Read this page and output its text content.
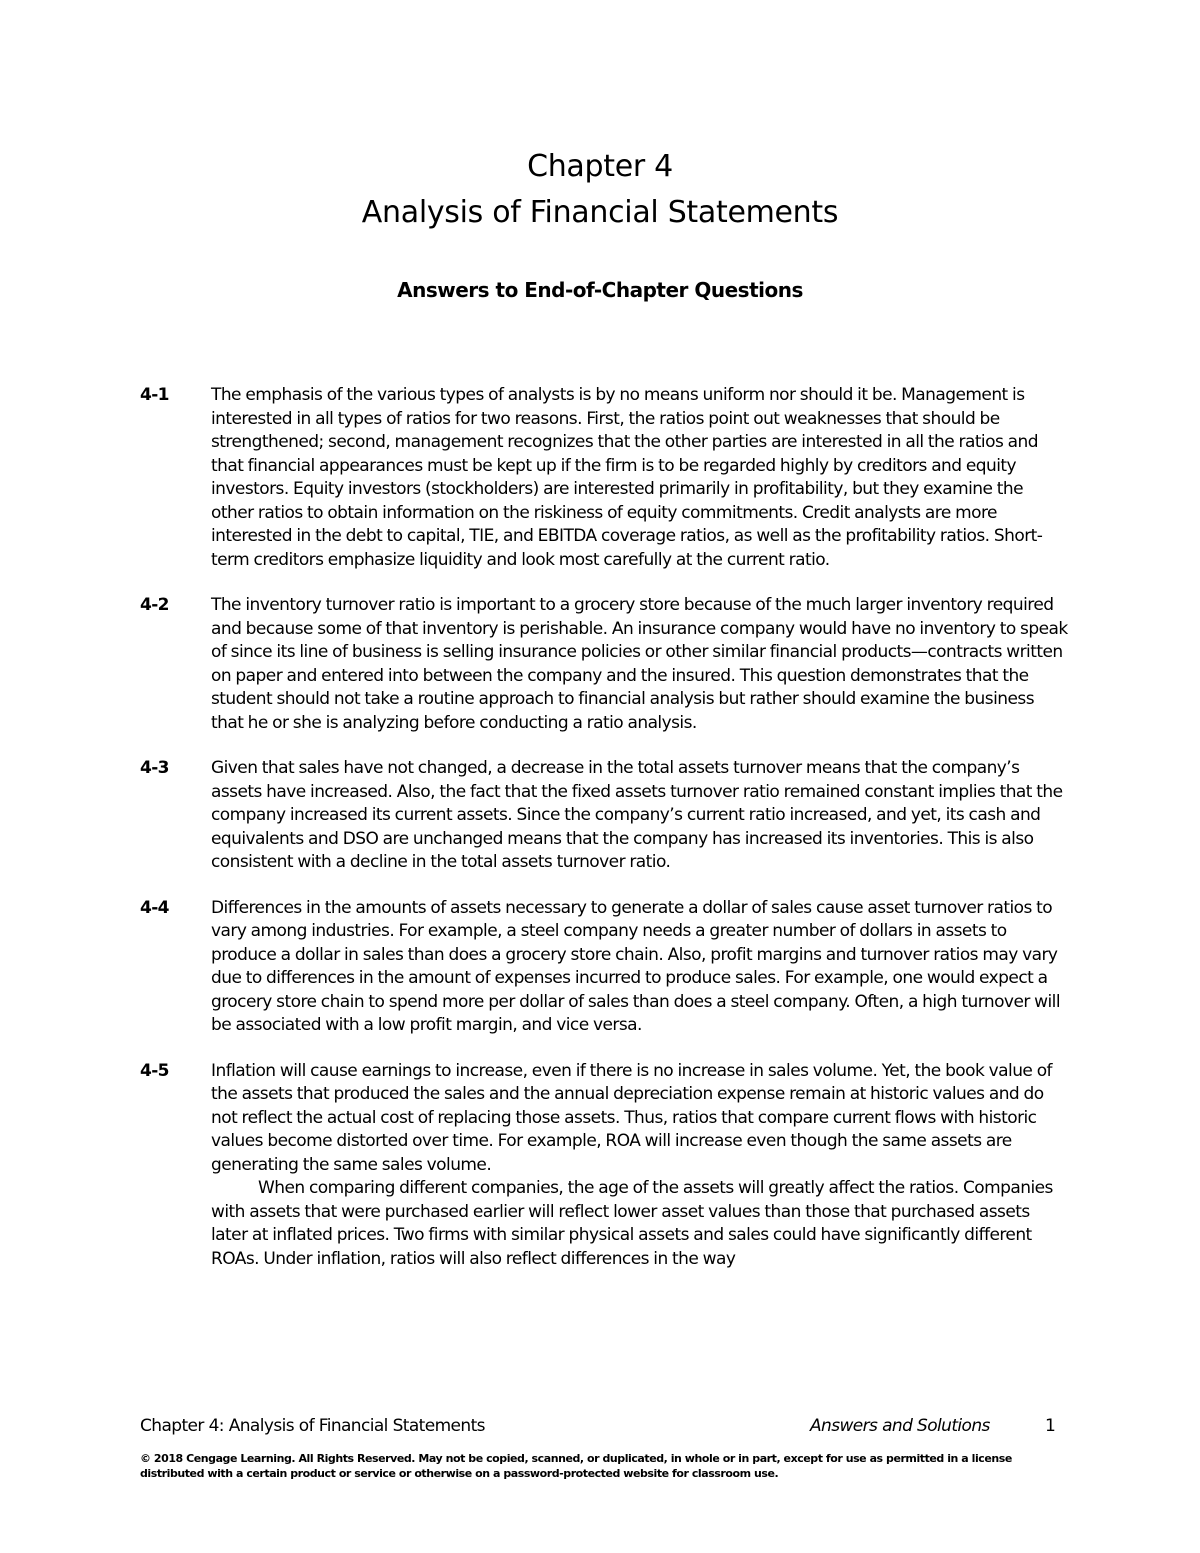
Chapter 4
Analysis of Financial Statements
Answers to End-of-Chapter Questions
4-1	The emphasis of the various types of analysts is by no means uniform nor should it be. Management is interested in all types of ratios for two reasons. First, the ratios point out weaknesses that should be strengthened; second, management recognizes that the other parties are interested in all the ratios and that financial appearances must be kept up if the firm is to be regarded highly by creditors and equity investors. Equity investors (stockholders) are interested primarily in profitability, but they examine the other ratios to obtain information on the riskiness of equity commitments. Credit analysts are more interested in the debt to capital, TIE, and EBITDA coverage ratios, as well as the profitability ratios. Short-term creditors emphasize liquidity and look most carefully at the current ratio.

4-2	The inventory turnover ratio is important to a grocery store because of the much larger inventory required and because some of that inventory is perishable. An insurance company would have no inventory to speak of since its line of business is selling insurance policies or other similar financial products—contracts written on paper and entered into between the company and the insured. This question demonstrates that the student should not take a routine approach to financial analysis but rather should examine the business that he or she is analyzing before conducting a ratio analysis.

4-3	Given that sales have not changed, a decrease in the total assets turnover means that the company’s assets have increased. Also, the fact that the fixed assets turnover ratio remained constant implies that the company increased its current assets. Since the company’s current ratio increased, and yet, its cash and equivalents and DSO are unchanged means that the company has increased its inventories. This is also consistent with a decline in the total assets turnover ratio.

4-4	Differences in the amounts of assets necessary to generate a dollar of sales cause asset turnover ratios to vary among industries. For example, a steel company needs a greater number of dollars in assets to produce a dollar in sales than does a grocery store chain. Also, profit margins and turnover ratios may vary due to differences in the amount of expenses incurred to produce sales. For example, one would expect a grocery store chain to spend more per dollar of sales than does a steel company. Often, a high turnover will be associated with a low profit margin, and vice versa.

4-5	Inflation will cause earnings to increase, even if there is no increase in sales volume. Yet, the book value of the assets that produced the sales and the annual depreciation expense remain at historic values and do not reflect the actual cost of replacing those assets. Thus, ratios that compare current flows with historic values become distorted over time. For example, ROA will increase even though the same assets are generating the same sales volume.

When comparing different companies, the age of the assets will greatly affect the ratios. Companies with assets that were purchased earlier will reflect lower asset values than those that purchased assets later at inflated prices. Two firms with similar physical assets and sales could have significantly different ROAs. Under inflation, ratios will also reflect differences in the way

Chapter 4: Analysis of Financial Statements	Answers and Solutions	1
© 2018 Cengage Learning. All Rights Reserved. May not be copied, scanned, or duplicated, in whole or in part, except for use as permitted in a license distributed with a certain product or service or otherwise on a password-protected website for classroom use.
